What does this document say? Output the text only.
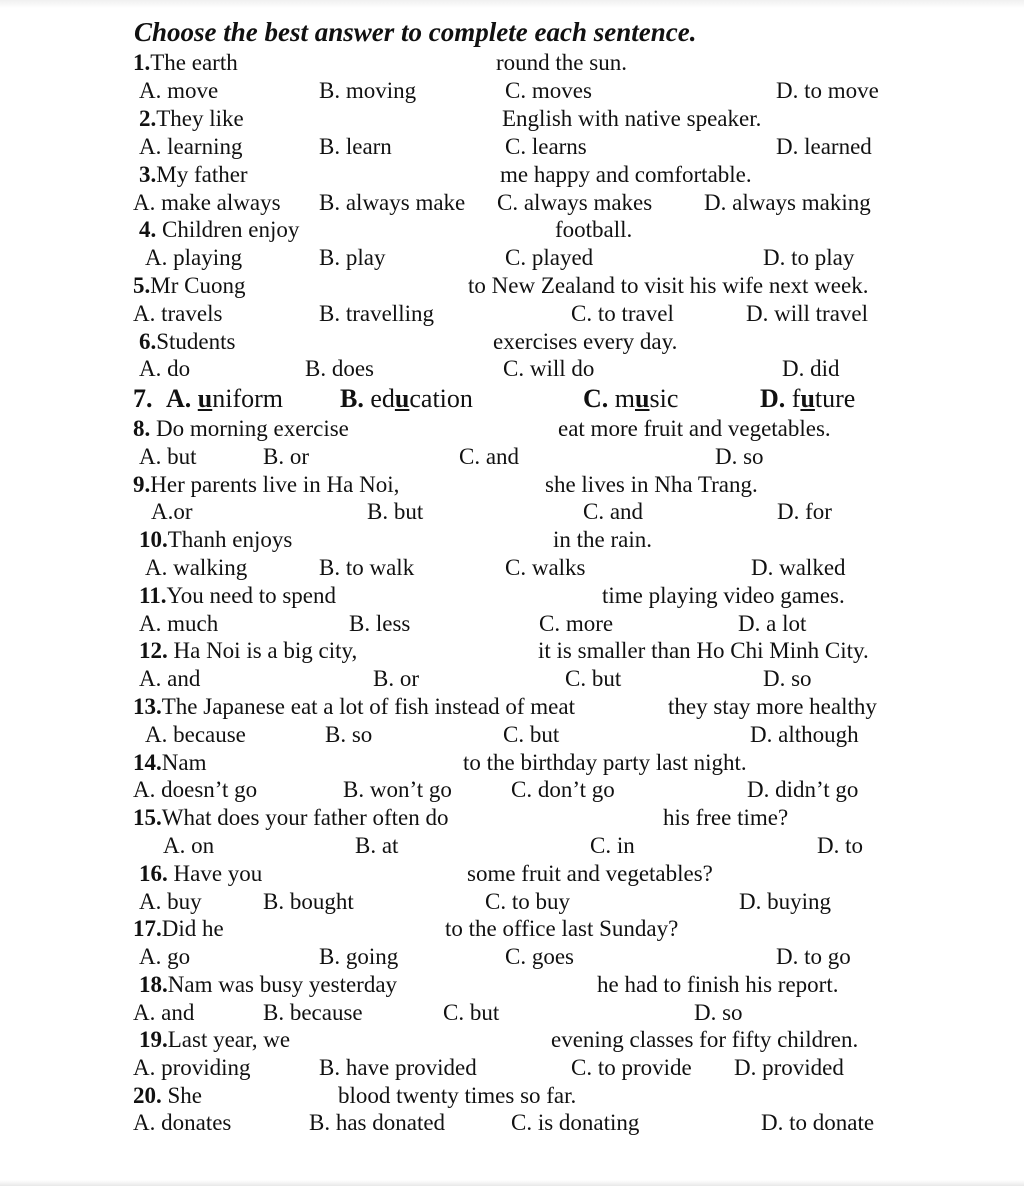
Choose the best answer to complete each sentence.
1.The earth	round the sun.
A. move	B. moving	C. moves	D. to move
2.They like	English with native speaker.
A. learning	B. learn	C. learns	D. learned
3.My father	me happy and comfortable.
A. make always B. always make C. always makes D. always making
4. Children enjoy	football.
A. playing	B. play	C. played	D. to play
5.Mr Cuong	to New Zealand to visit his wife next week.
A. travels	B. travelling	C. to travel	D. will travel
6.Students	exercises every day.
A. do	B. does	C. will do	D. did
7. A. uniform B. education	C. music	D. future
8. Do morning exercise	eat more fruit and vegetables.
A. but	B. or	C. and	D. so
9.Her parents live in Ha Noi,	she lives in Nha Trang.
A.or	B. but	C. and	D. for
10.Thanh enjoys	in the rain.
A. walking	B. to walk	C. walks	D. walked
11.You need to spend	time playing video games.
A. much	B. less	C. more	D. a lot
12. Ha Noi is a big city,	it is smaller than Ho Chi Minh City.
A. and	B. or	C. but	D. so
13.The Japanese eat a lot of fish instead of meat	they stay more healthy
A. because	B. so	C. but	D. although
14.Nam	to the birthday party last night.
A. doesn’t go	B. won’t go	C. don’t go	D. didn’t go
15.What does your father often do	his free time?
A. on	B. at	C. in	D. to
16. Have you	some fruit and vegetables?
A. buy	B. bought	C. to buy	D. buying
17.Did he	to the office last Sunday?
A. go	B. going	C. goes	D. to go
18.Nam was busy yesterday	he had to finish his report.
A. and	B. because	C. but	D. so
19.Last year, we	evening classes for fifty children.
A. providing	B. have provided	C. to provide D. provided
20. She	blood twenty times so far.
A. donates	B. has donated	C. is donating	D. to donate
